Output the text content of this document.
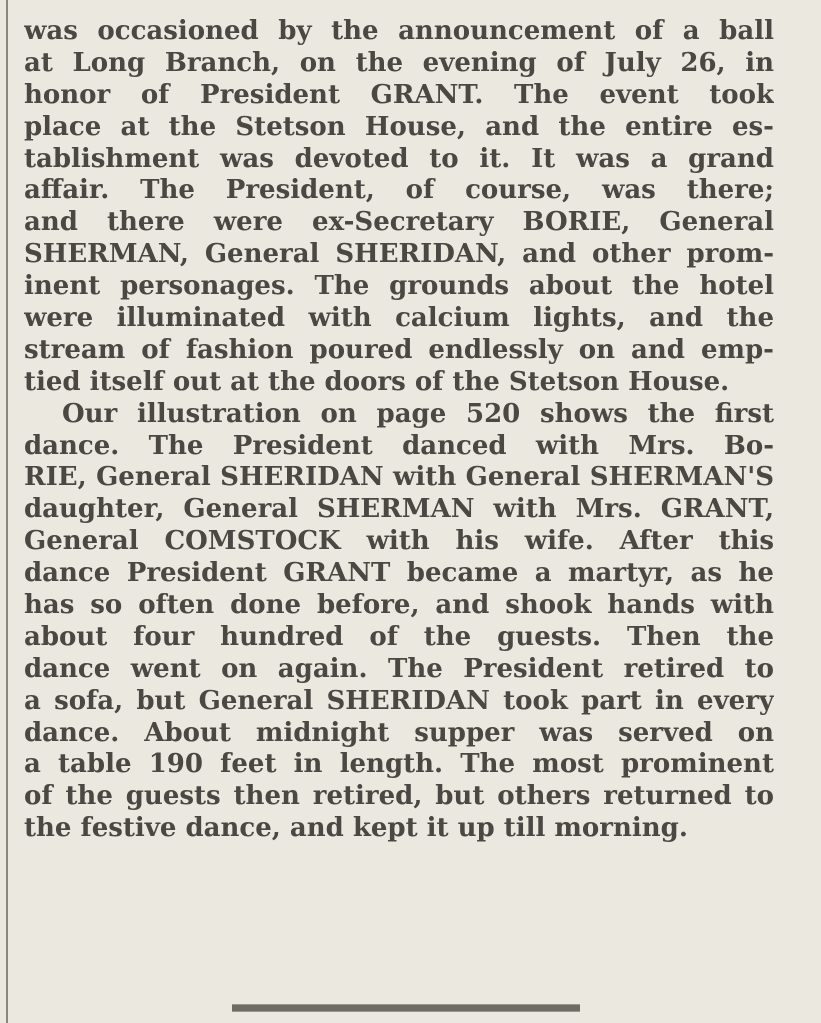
was occasioned by the announcement of a ball
at Long Branch, on the evening of July 26, in
honor of President GRANT. The event took
place at the Stetson House, and the entire es-
tablishment was devoted to it. It was a grand
affair. The President, of course, was there;
and there were ex-Secretary BORIE, General
SHERMAN, General SHERIDAN, and other prom-
inent personages. The grounds about the hotel
were illuminated with calcium lights, and the
stream of fashion poured endlessly on and emp-
tied itself out at the doors of the Stetson House.
Our illustration on page 520 shows the first
dance. The President danced with Mrs. Bo-
RIE, General SHERIDAN with General SHERMAN'S
daughter, General SHERMAN with Mrs. GRANT,
General COMSTOCK with his wife. After this
dance President GRANT became a martyr, as he
has so often done before, and shook hands with
about four hundred of the guests. Then the
dance went on again. The President retired to
a sofa, but General SHERIDAN took part in every
dance. About midnight supper was served on
a table 190 feet in length. The most prominent
of the guests then retired, but others returned to
the festive dance, and kept it up till morning.
